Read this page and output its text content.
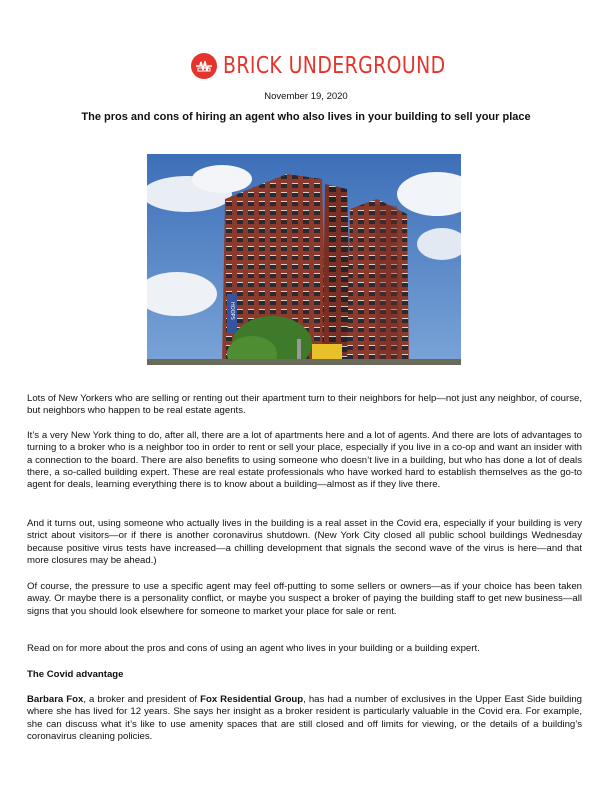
BRICK UNDERGROUND
November 19, 2020
The pros and cons of hiring an agent who also lives in your building to sell your place
HOOPS

Lots of New Yorkers who are selling or renting out their apartment turn to their neighbors for help—not just any neighbor, of course, but neighbors who happen to be real estate agents.

It’s a very New York thing to do, after all, there are a lot of apartments here and a lot of agents. And there are lots of advantages to turning to a broker who is a neighbor too in order to rent or sell your place, especially if you live in a co-op and want an insider with a connection to the board. There are also benefits to using someone who doesn’t live in a building, but who has done a lot of deals there, a so-called building expert. These are real estate professionals who have worked hard to establish themselves as the go-to agent for deals, learning everything there is to know about a building—almost as if they live there.

And it turns out, using someone who actually lives in the building is a real asset in the Covid era, especially if your building is very strict about visitors—or if there is another coronavirus shutdown. (New York City closed all public school buildings Wednesday because positive virus tests have increased—a chilling development that signals the second wave of the virus is here—and that more closures may be ahead.)

Of course, the pressure to use a specific agent may feel off-putting to some sellers or owners—as if your choice has been taken away. Or maybe there is a personality conflict, or maybe you suspect a broker of paying the building staff to get new business—all signs that you should look elsewhere for someone to market your place for sale or rent.

Read on for more about the pros and cons of using an agent who lives in your building or a building expert.

The Covid advantage

Barbara Fox, a broker and president of Fox Residential Group, has had a number of exclusives in the Upper East Side building where she has lived for 12 years. She says her insight as a broker resident is particularly valuable in the Covid era. For example, she can discuss what it’s like to use amenity spaces that are still closed and off limits for viewing, or the details of a building’s coronavirus cleaning policies.
